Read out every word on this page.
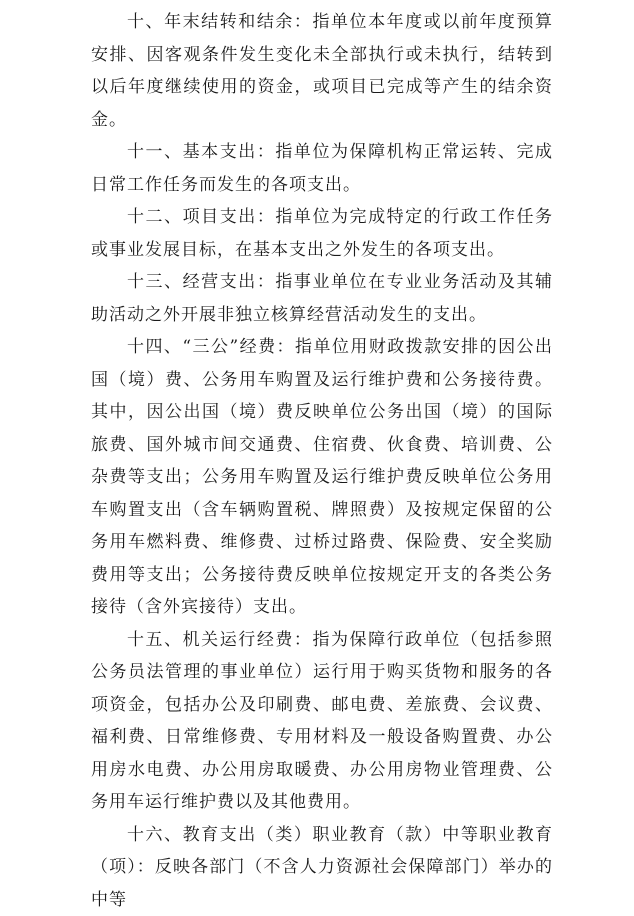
十、年末结转和结余：指单位本年度或以前年度预算安排、因客观条件发生变化未全部执行或未执行，结转到以后年度继续使用的资金，或项目已完成等产生的结余资金。

十一、基本支出：指单位为保障机构正常运转、完成日常工作任务而发生的各项支出。

十二、项目支出：指单位为完成特定的行政工作任务或事业发展目标，在基本支出之外发生的各项支出。

十三、经营支出：指事业单位在专业业务活动及其辅助活动之外开展非独立核算经营活动发生的支出。

十四、“三公”经费：指单位用财政拨款安排的因公出国（境）费、公务用车购置及运行维护费和公务接待费。其中，因公出国（境）费反映单位公务出国（境）的国际旅费、国外城市间交通费、住宿费、伙食费、培训费、公杂费等支出；公务用车购置及运行维护费反映单位公务用车购置支出（含车辆购置税、牌照费）及按规定保留的公务用车燃料费、维修费、过桥过路费、保险费、安全奖励费用等支出；公务接待费反映单位按规定开支的各类公务接待（含外宾接待）支出。

十五、机关运行经费：指为保障行政单位（包括参照公务员法管理的事业单位）运行用于购买货物和服务的各项资金，包括办公及印刷费、邮电费、差旅费、会议费、福利费、日常维修费、专用材料及一般设备购置费、办公用房水电费、办公用房取暖费、办公用房物业管理费、公务用车运行维护费以及其他费用。

十六、教育支出（类）职业教育（款）中等职业教育（项）：反映各部门（不含人力资源社会保障部门）举办的中等
